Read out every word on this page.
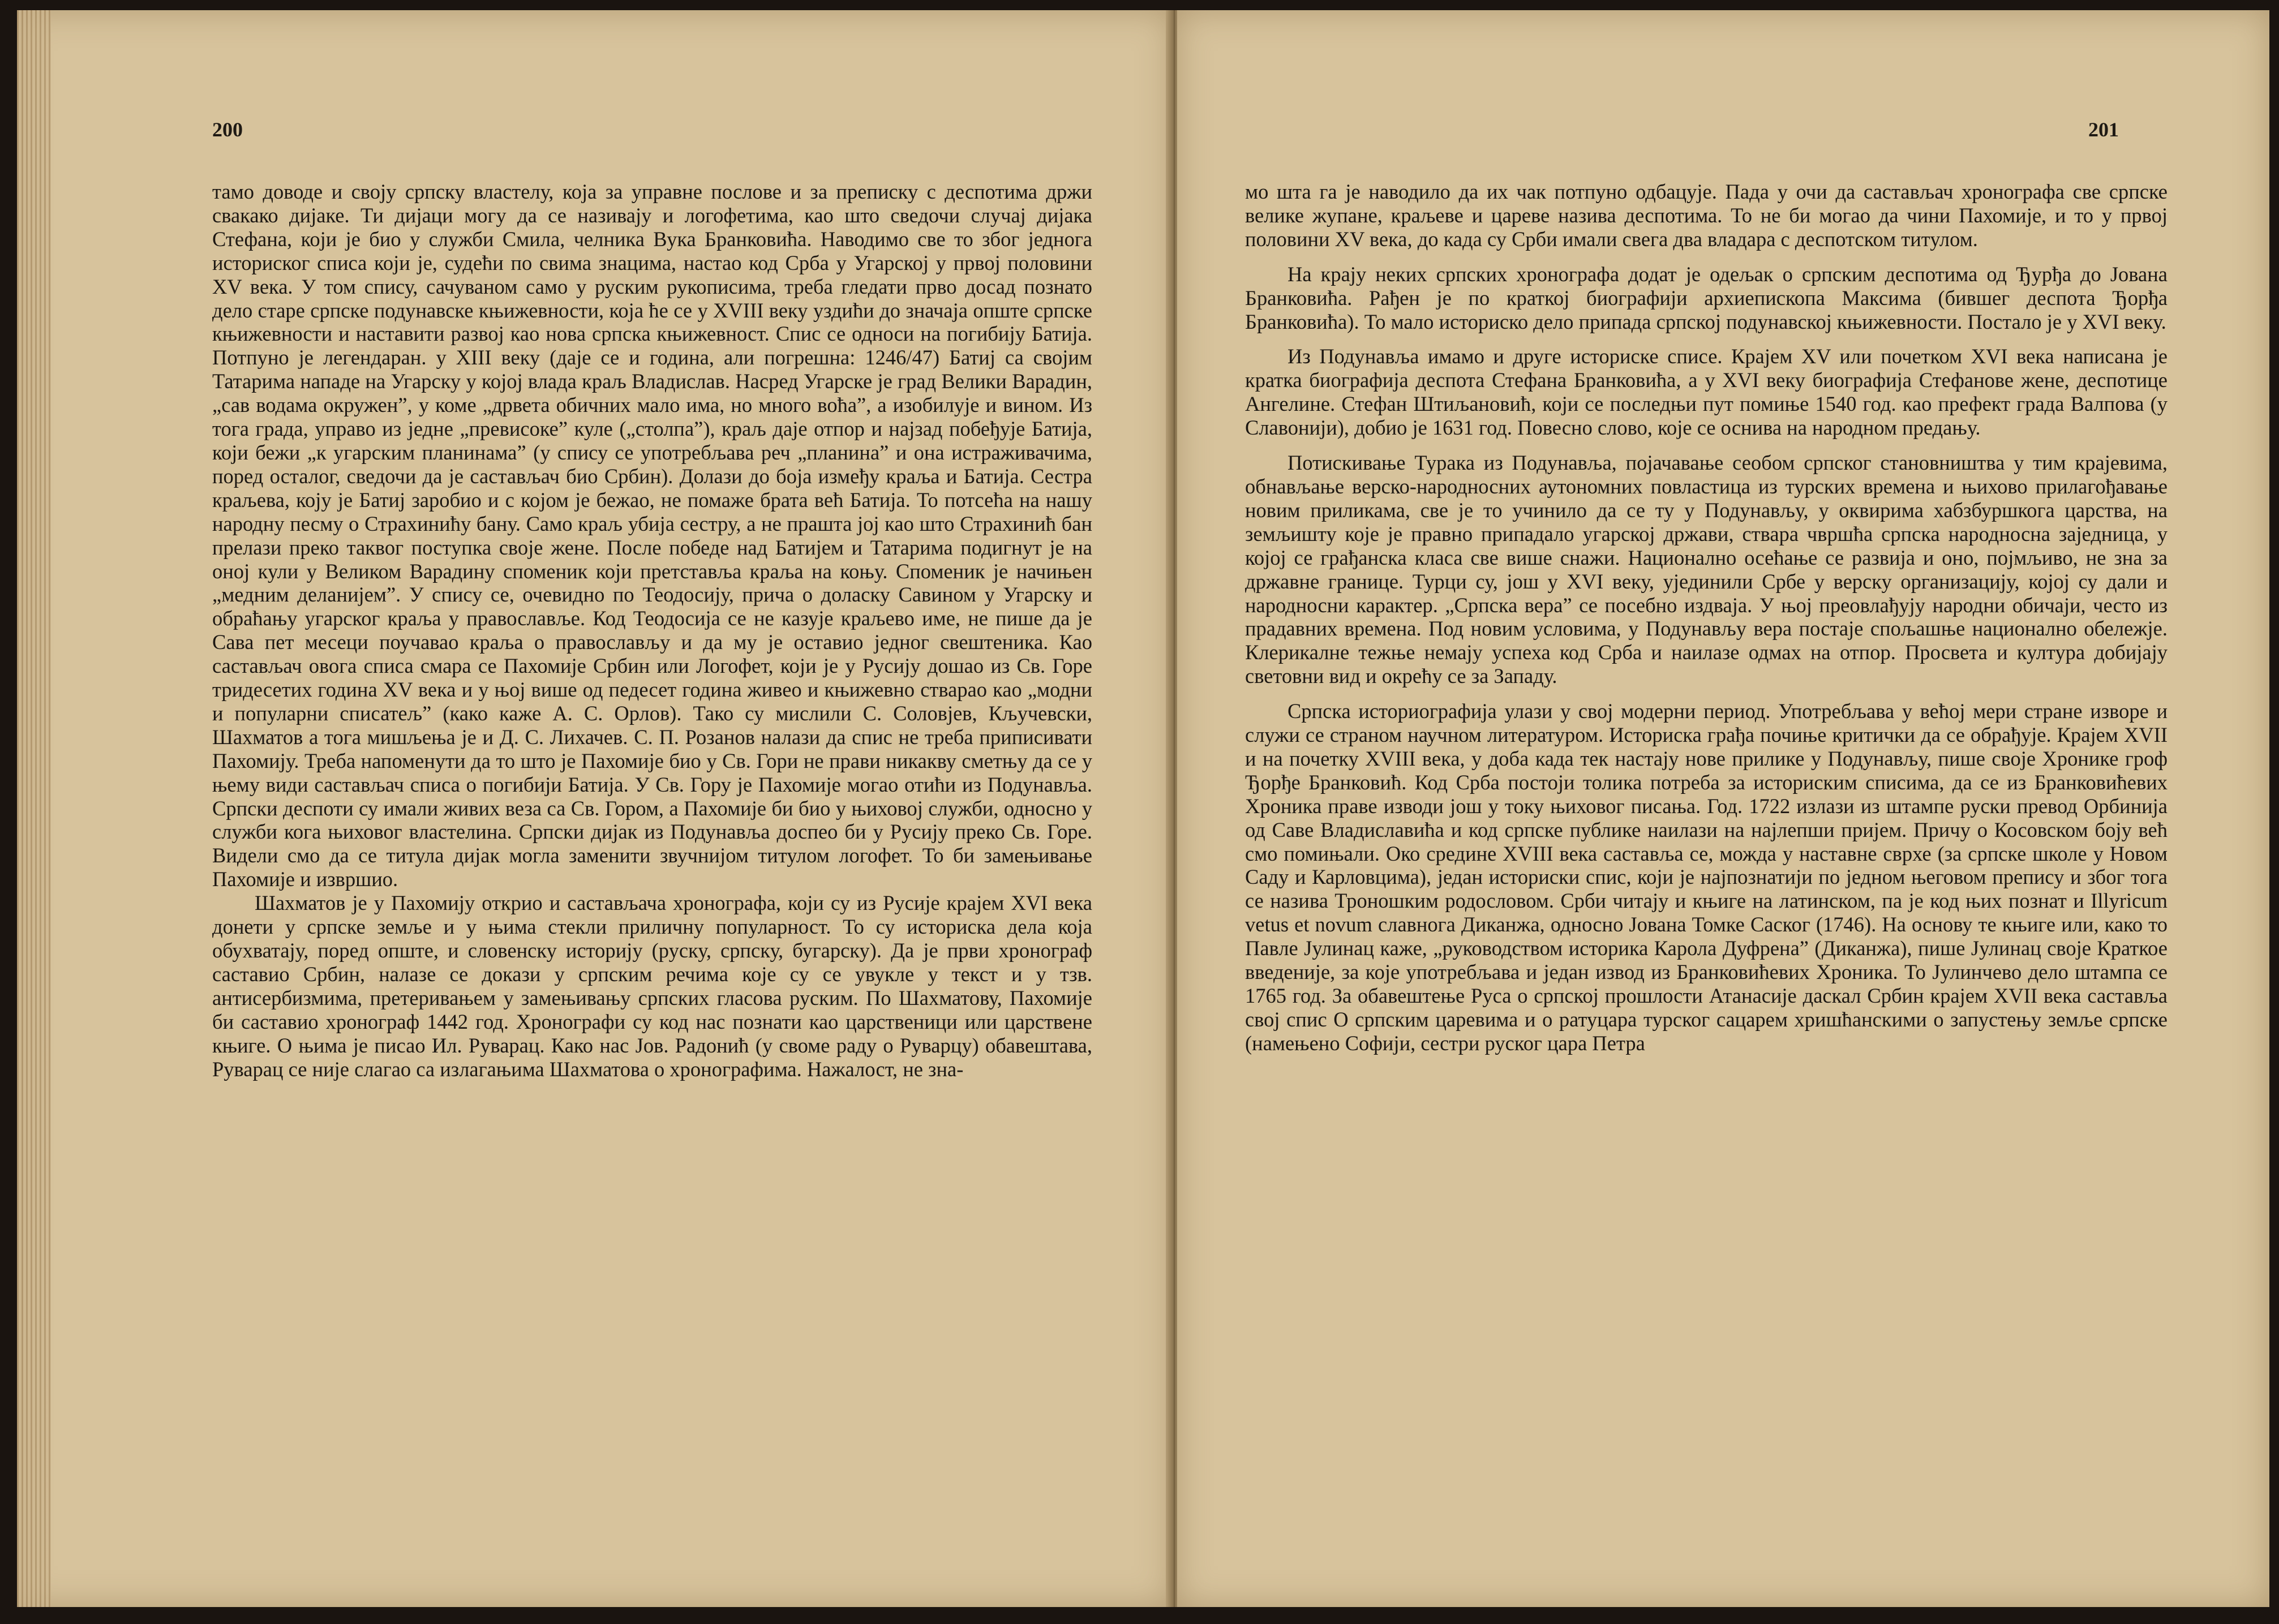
200

тамо доводе и своју српску властелу, која за управне послове и за преписку с деспотима држи свакако дијаке. Ти дијаци могу да се називају и логофетима, као што сведочи случај дијака Стефана, који је био у служби Смила, челника Вука Бранковића. Наводимо све то због једнога историског списа који је, судећи по свима знацима, настао код Срба у Угарској у првој половини XV века. У том спису, сачуваном само у руским рукописима, треба гледати прво досад познато дело старе српске подунавске књижевности, која ће се у XVIII веку уздићи до значаја опште српске књижевности и наставити развој као нова српска књижевност. Спис се односи на погибију Батија. Потпуно је легендаран. у XIII веку (даје се и година, али погрешна: 1246/47) Батиј са својим Татарима нападе на Угарску у којој влада краљ Владислав. Насред Угарске је град Велики Варадин, „сав водама окружен”, у коме „дрвета обичних мало има, но много воћа”, а изобилује и вином. Из тога града, управо из једне „превисоке” куле („столпа”), краљ даје отпор и најзад побеђује Батија, који бежи „к угарским планинама” (у спису се употребљава реч „планина” и она истраживачима, поред осталог, сведочи да је састављач био Србин). Долази до боја између краља и Батија. Сестра краљева, коју је Батиј заробио и с којом је бежао, не помаже брата већ Батија. То потсећа на нашу народну песму о Страхинићу бану. Само краљ убија сестру, а не прашта јој као што Страхинић бан прелази преко таквог поступка своје жене. После победе над Батијем и Татарима подигнут је на оној кули у Великом Варадину споменик који претставља краља на коњу. Споменик је начињен „медним деланијем”. У спису се, очевидно по Теодосију, прича о доласку Савином у Угарску и обраћању угарског краља у православље. Код Теодосија се не казује краљево име, не пише да је Сава пет месеци поучавао краља о православљу и да му је оставио једног свештеника. Као састављач овога списа смара се Пахомије Србин или Логофет, који је у Русију дошао из Св. Горе тридесетих година XV века и у њој више од педесет година живео и књижевно стварао као „модни и популарни списатељ” (како каже А. С. Орлов). Тако су мислили С. Соловјев, Кључевски, Шахматов а тога мишљења је и Д. С. Лихачев. С. П. Розанов налази да спис не треба приписивати Пахомију. Треба напоменути да то што је Пахомије био у Св. Гори не прави никакву сметњу да се у њему види састављач списа о погибији Батија. У Св. Гору је Пахомије могао отићи из Подунавља. Српски деспоти су имали живих веза са Св. Гором, а Пахомије би био у њиховој служби, односно у служби кога њиховог властелина. Српски дијак из Подунавља доспео би у Русију преко Св. Горе. Видели смо да се титула дијак могла заменити звучнијом титулом логофет. То би замењивање Пахомије и извршио.

Шахматов је у Пахомију открио и састављача хронографа, који су из Русије крајем XVI века донети у српске земље и у њима стекли приличну популарност. То су историска дела која обухватају, поред опште, и словенску историју (руску, српску, бугарску). Да је први хронограф саставио Србин, налазе се докази у српским речима које су се увукле у текст и у тзв. антисербизмима, претеривањем у замењивању српских гласова руским. По Шахматову, Пахомије би саставио хронограф 1442 год. Хронографи су код нас познати као царственици или царствене књиге. О њима је писао Ил. Руварац. Како нас Јов. Радонић (у своме раду о Руварцу) обавештава, Руварац се није слагао са излагањима Шахматова о хронографима. Нажалост, не зна-

201

мо шта га је наводило да их чак потпуно одбацује. Пада у очи да састављач хронографа све српске велике жупане, краљеве и цареве назива деспотима. То не би могао да чини Пахомије, и то у првој половини XV века, до када су Срби имали свега два владара с деспотском титулом.

На крају неких српских хронографа додат је одељак о српским деспотима од Ђурђа до Јована Бранковића. Рађен је по краткој биографији архиепископа Максима (бившег деспота Ђорђа Бранковића). То мало историско дело припада српској подунавској књижевности. Постало је у XVI веку.

Из Подунавља имамо и друге историске списе. Крајем XV или почетком XVI века написана је кратка биографија деспота Стефана Бранковића, а у XVI веку биографија Стефанове жене, деспотице Ангелине. Стефан Штиљановић, који се последњи пут помиње 1540 год. као префект града Валпова (у Славонији), добио је 1631 год. Повесно слово, које се оснива на народном предању.

Потискивање Турака из Подунавља, појачавање сеобом српског становништва у тим крајевима, обнављање верско-народносних аутономних повластица из турских времена и њихово прилагођавање новим приликама, све је то учинило да се ту у Подунављу, у оквирима хабзбуршкога царства, на земљишту које је правно припадало угарској држави, ствара чвршћа српска народносна заједница, у којој се грађанска класа све више снажи. Национално осећање се развија и оно, појмљиво, не зна за државне границе. Турци су, још у XVI веку, ујединили Србе у верску организацију, којој су дали и народносни карактер. „Српска вера” се посебно издваја. У њој преовлађују народни обичаји, често из прадавних времена. Под новим условима, у Подунављу вера постаје спољашње национално обележје. Клерикалне тежње немају успеха код Срба и наилазе одмах на отпор. Просвета и култура добијају световни вид и окрећу се за Западу.

Српска историографија улази у свој модерни период. Употребљава у већој мери стране изворе и служи се страном научном литературом. Историска грађа почиње критички да се обрађује. Крајем XVII и на почетку XVIII века, у доба када тек настају нове прилике у Подунављу, пише своје Хронике гроф Ђорђе Бранковић. Код Срба постоји толика потреба за историским списима, да се из Бранковићевих Хроника праве изводи још у току њиховог писања. Год. 1722 излази из штампе руски превод Орбинија од Саве Владиславића и код српске публике наилази на најлепши пријем. Причу о Косовском боју већ смо помињали. Око средине XVIII века састављa се, можда у наставне сврхе (за српске школе у Новом Саду и Карловцима), један историски спис, који је најпознатији по једном његовом препису и због тога се назива Тронoшким родословом. Срби читају и књиге на латинском, па је код њих познат и Illyricum vetus et novum славнога Диканжа, односно Јована Томке Саског (1746). На основу те књиге или, како то Павле Јулинац каже, „руководством историка Карола Дуфрена” (Диканжа), пише Јулинац своје Краткое введеније, за које употребљава и један извод из Бранковићевих Хроника. То Јулинчево дело штампа се 1765 год. За обавештење Руса о српској прошлости Атанасије даскал Србин крајем XVII века саставља свој спис О српским царевима и о ратуцара турског сацарем хришћанскими о запустењу земље српске (намењено Софији, сестри руског цара Петра
